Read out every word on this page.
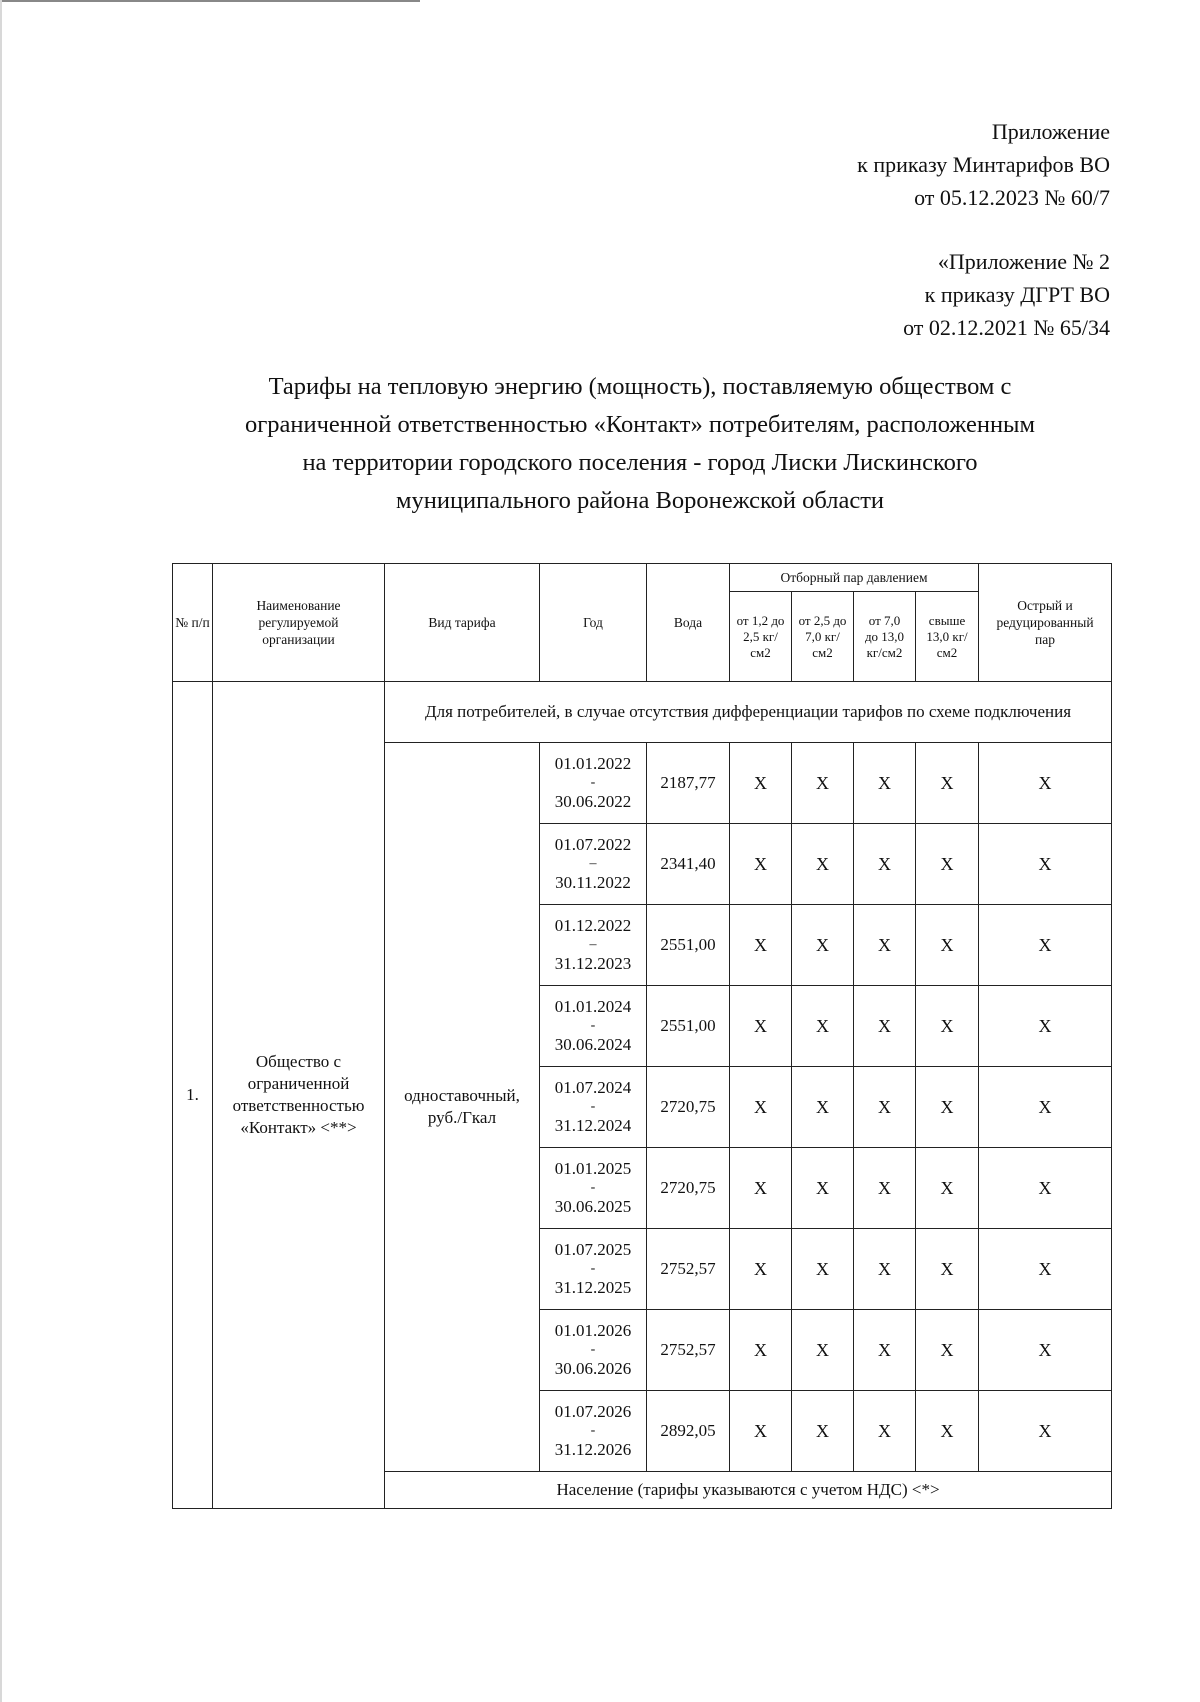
Приложение
к приказу Минтарифов ВО
от 05.12.2023 № 60/7
«Приложение № 2
к приказу ДГРТ ВО
от 02.12.2021 № 65/34
Тарифы на тепловую энергию (мощность), поставляемую обществом с
ограниченной ответственностью «Контакт» потребителям, расположенным
на территории городского поселения - город Лиски Лискинского
муниципального района Воронежской области
№ п/п	Наименование регулируемой организации	Вид тарифа	Год	Вода	Отборный пар давлением				Острый и редуцированный пар
					от 1,2 до 2,5 кг/см2	от 2,5 до 7,0 кг/см2	от 7,0 до 13,0 кг/см2	свыше 13,0 кг/см2	
1.	Общество с ограниченной ответственностью «Контакт» <**>	Для потребителей, в случае отсутствия дифференциации тарифов по схеме подключения							
		одноставочный, руб./Гкал	01.01.2022
-
30.06.2022	2187,77	X	X	X	X	X
			01.07.2022
–
30.11.2022	2341,40	X	X	X	X	X
			01.12.2022
–
31.12.2023	2551,00	X	X	X	X	X
			01.01.2024
-
30.06.2024	2551,00	X	X	X	X	X
			01.07.2024
-
31.12.2024	2720,75	X	X	X	X	X
			01.01.2025
-
30.06.2025	2720,75	X	X	X	X	X
			01.07.2025
-
31.12.2025	2752,57	X	X	X	X	X
			01.01.2026
-
30.06.2026	2752,57	X	X	X	X	X
			01.07.2026
-
31.12.2026	2892,05	X	X	X	X	X
		Население (тарифы указываются с учетом НДС) <*>							
